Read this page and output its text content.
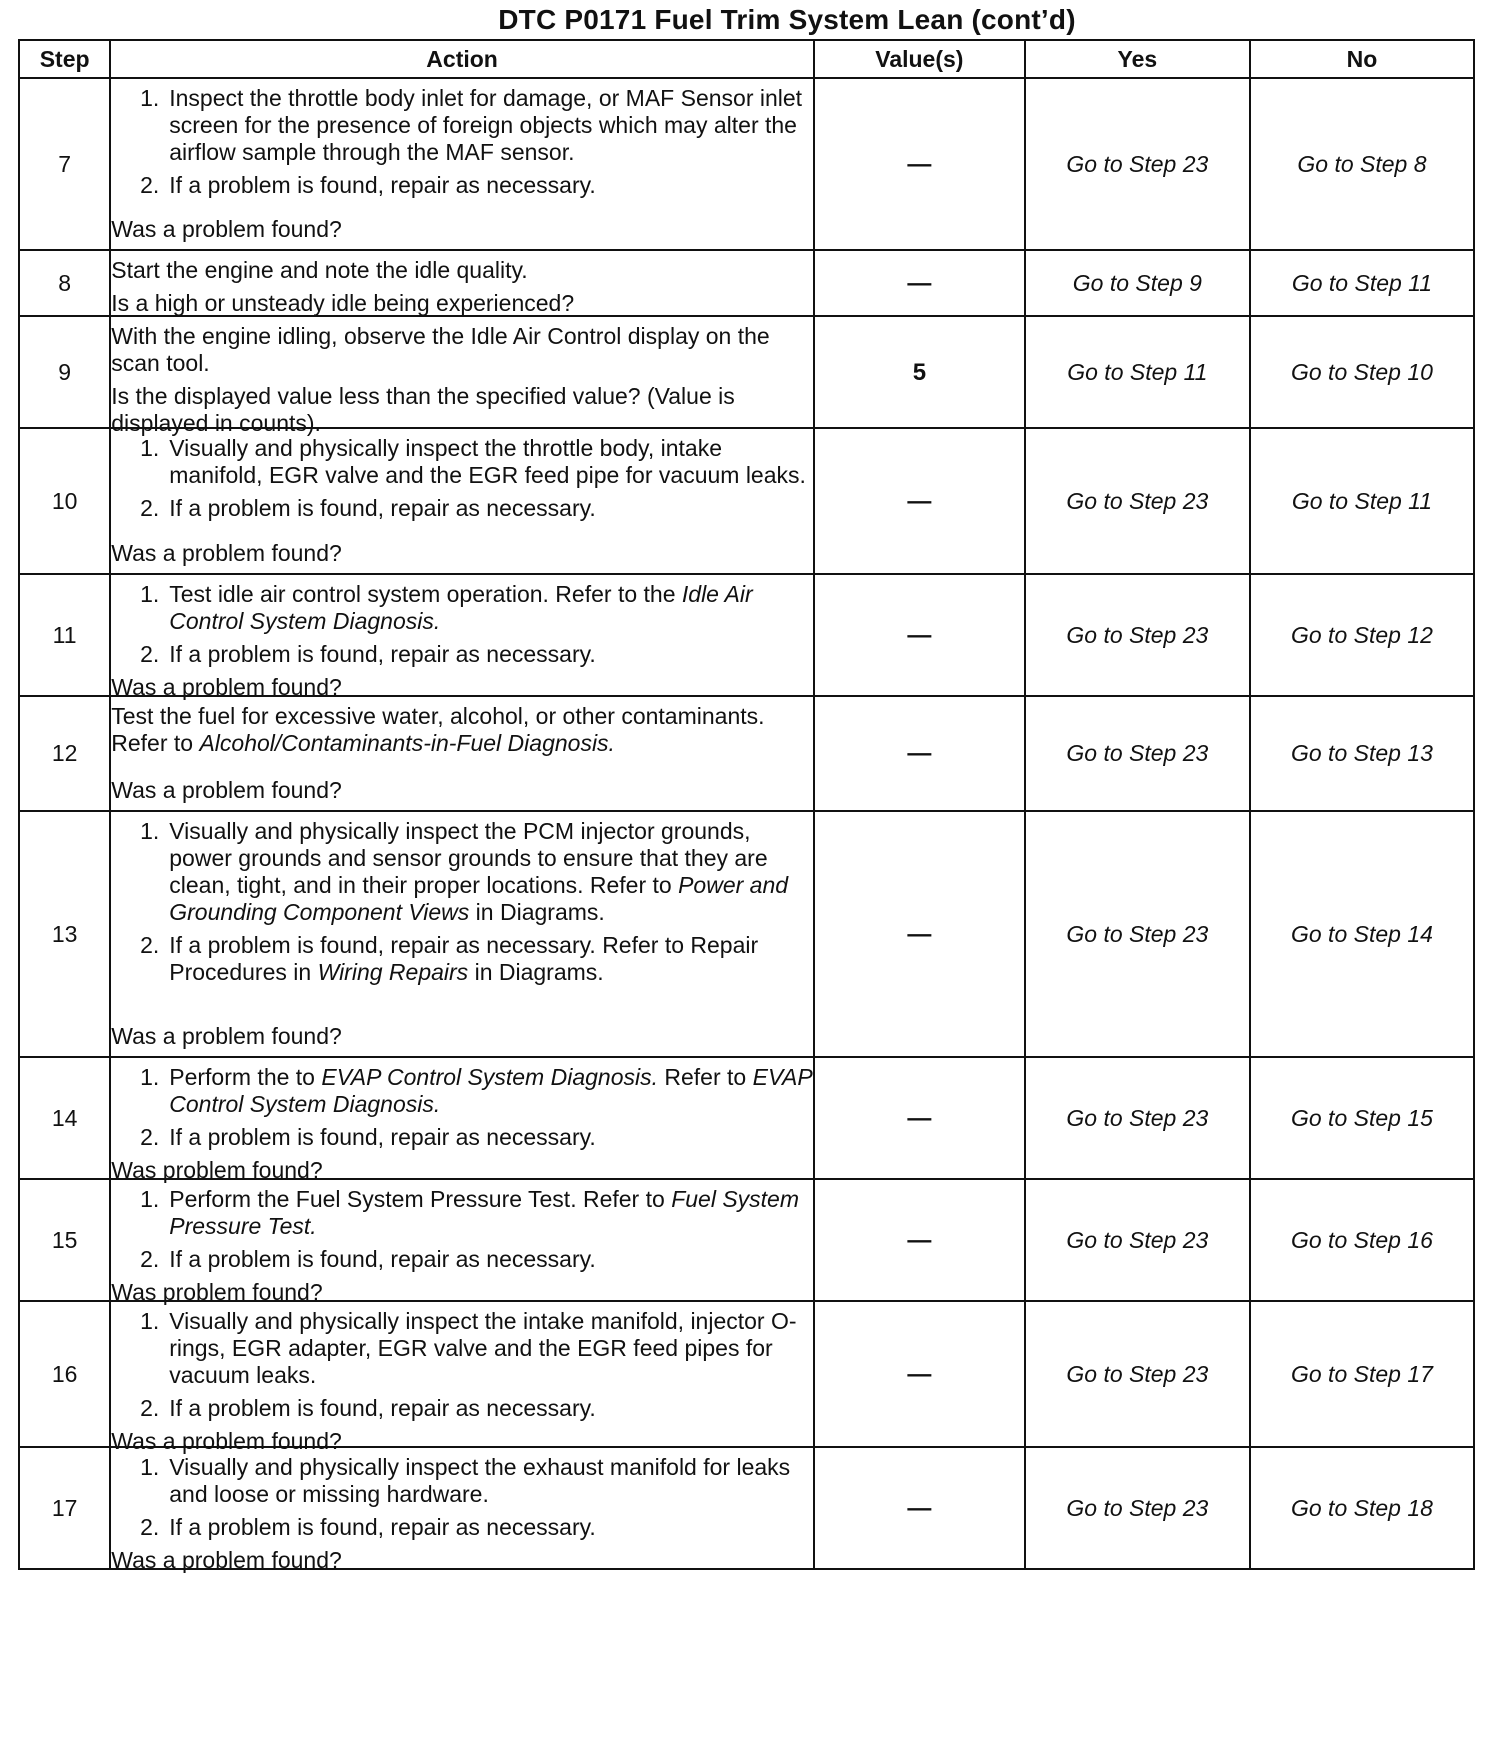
DTC P0171 Fuel Trim System Lean (cont’d)
Step	Action	Value(s)	Yes	No
7	1. Inspect the throttle body inlet for damage, or MAF Sensor inlet screen for the presence of foreign objects which may alter the airflow sample through the MAF sensor.
2. If a problem is found, repair as necessary.
Was a problem found?	—	Go to Step 23	Go to Step 8
8	Start the engine and note the idle quality.
Is a high or unsteady idle being experienced?	—	Go to Step 9	Go to Step 11
9	With the engine idling, observe the Idle Air Control display on the scan tool.
Is the displayed value less than the specified value? (Value is displayed in counts).	5	Go to Step 11	Go to Step 10
10	1. Visually and physically inspect the throttle body, intake manifold, EGR valve and the EGR feed pipe for vacuum leaks.
2. If a problem is found, repair as necessary.
Was a problem found?	—	Go to Step 23	Go to Step 11
11	1. Test idle air control system operation. Refer to the Idle Air Control System Diagnosis.
2. If a problem is found, repair as necessary.
Was a problem found?	—	Go to Step 23	Go to Step 12
12	Test the fuel for excessive water, alcohol, or other contaminants. Refer to Alcohol/Contaminants-in-Fuel Diagnosis.
Was a problem found?	—	Go to Step 23	Go to Step 13
13	1. Visually and physically inspect the PCM injector grounds, power grounds and sensor grounds to ensure that they are clean, tight, and in their proper locations. Refer to Power and Grounding Component Views in Diagrams.
2. If a problem is found, repair as necessary. Refer to Repair Procedures in Wiring Repairs in Diagrams.
Was a problem found?	—	Go to Step 23	Go to Step 14
14	1. Perform the to EVAP Control System Diagnosis. Refer to EVAP Control System Diagnosis.
2. If a problem is found, repair as necessary.
Was problem found?	—	Go to Step 23	Go to Step 15
15	1. Perform the Fuel System Pressure Test. Refer to Fuel System Pressure Test.
2. If a problem is found, repair as necessary.
Was problem found?	—	Go to Step 23	Go to Step 16
16	1. Visually and physically inspect the intake manifold, injector O-rings, EGR adapter, EGR valve and the EGR feed pipes for vacuum leaks.
2. If a problem is found, repair as necessary.
Was a problem found?	—	Go to Step 23	Go to Step 17
17	1. Visually and physically inspect the exhaust manifold for leaks and loose or missing hardware.
2. If a problem is found, repair as necessary.
Was a problem found?	—	Go to Step 23	Go to Step 18
